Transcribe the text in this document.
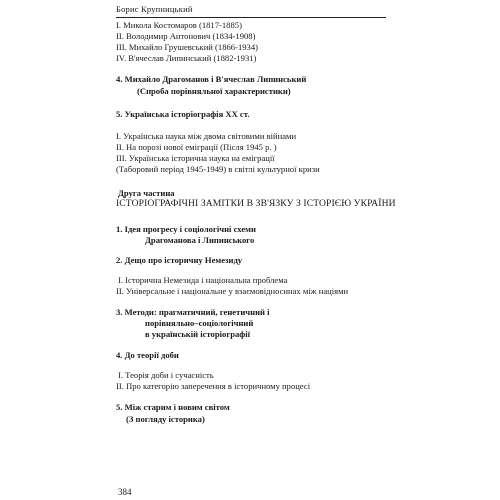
Борис Крупницький
I. Микола Костомаров (1817-1885)
II. Володимир Антонович (1834-1908)
III. Михайло Грушевський (1866-1934)
IV. В'ячеслав Липинський (1882-1931)
4. Михайло Драгоманов і В'ячеслав Липинський
(Спроба порівняльної характеристики)
5. Українська історіографія XX ст.
I. Українська наука між двома світовими війнами
II. На порозі нової еміграції (Після 1945 р. )
III. Українська історична наука на еміграції
(Таборовий період 1945-1949) в світлі культурної кризи
Друга частина
ІСТОРІОГРАФІЧНІ ЗАМІТКИ В ЗВ'ЯЗКУ З ІСТОРІЄЮ УКРАЇНИ
1. Ідея прогресу і соціологічні схеми
Драгоманова і Липинського
2. Дещо про історичну Немезиду
I. Історична Немезида і національна проблема
II. Універсальне і національне у взаємовідносинах між націями
3. Методи: прагматичний, генетичний і
порівняльно–соціологічний
в українській історіографії
4. До теорії доби
I. Теорія доби і сучасність
II. Про категорію заперечення в історичному процесі
5. Між старим і новим світом
(З погляду історика)
384
